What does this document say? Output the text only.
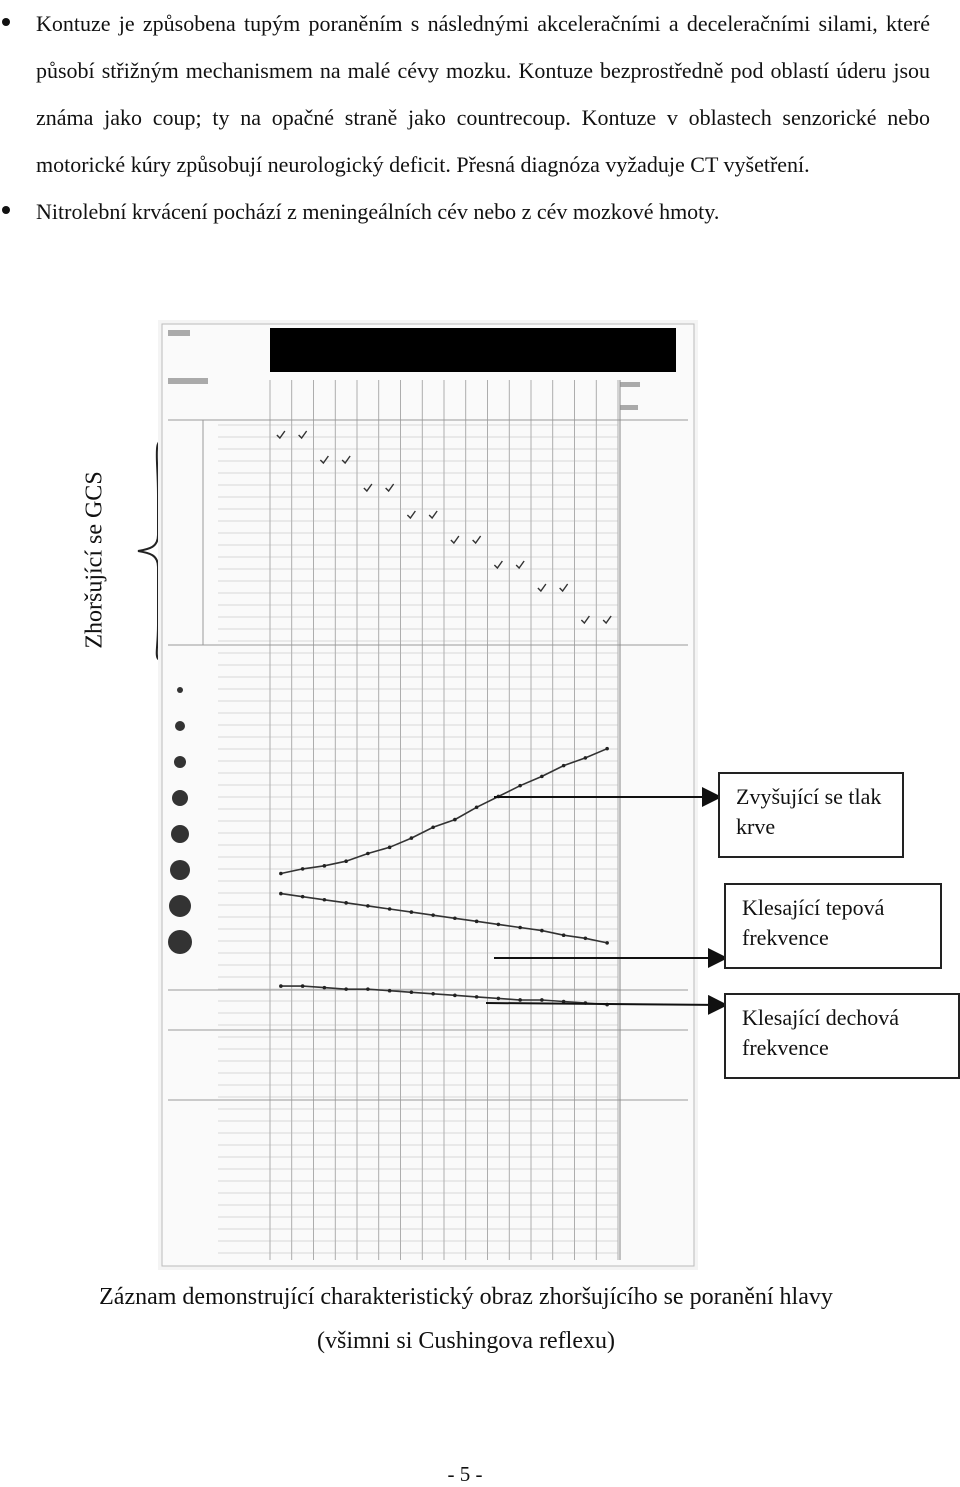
Kontuze je způsobena tupým poraněním s následnými akceleračními a deceleračními silami, které působí střižným mechanismem na malé cévy mozku. Kontuze bezprostředně pod oblastí úderu jsou známa jako coup; ty na opačné straně jako countrecoup. Kontuze v oblastech senzorické nebo motorické kúry způsobují neurologický deficit. Přesná diagnóza vyžaduje CT vyšetření.
Nitrolební krvácení pochází z meningeálních cév nebo z cév mozkové hmoty.
Zhoršující se GCS
Zvyšující se tlak krve
Klesající tepová frekvence
Klesající dechová frekvence
Záznam demonstrující charakteristický obraz zhoršujícího se poranění hlavy
(všimni si Cushingova reflexu)
- 5 -
